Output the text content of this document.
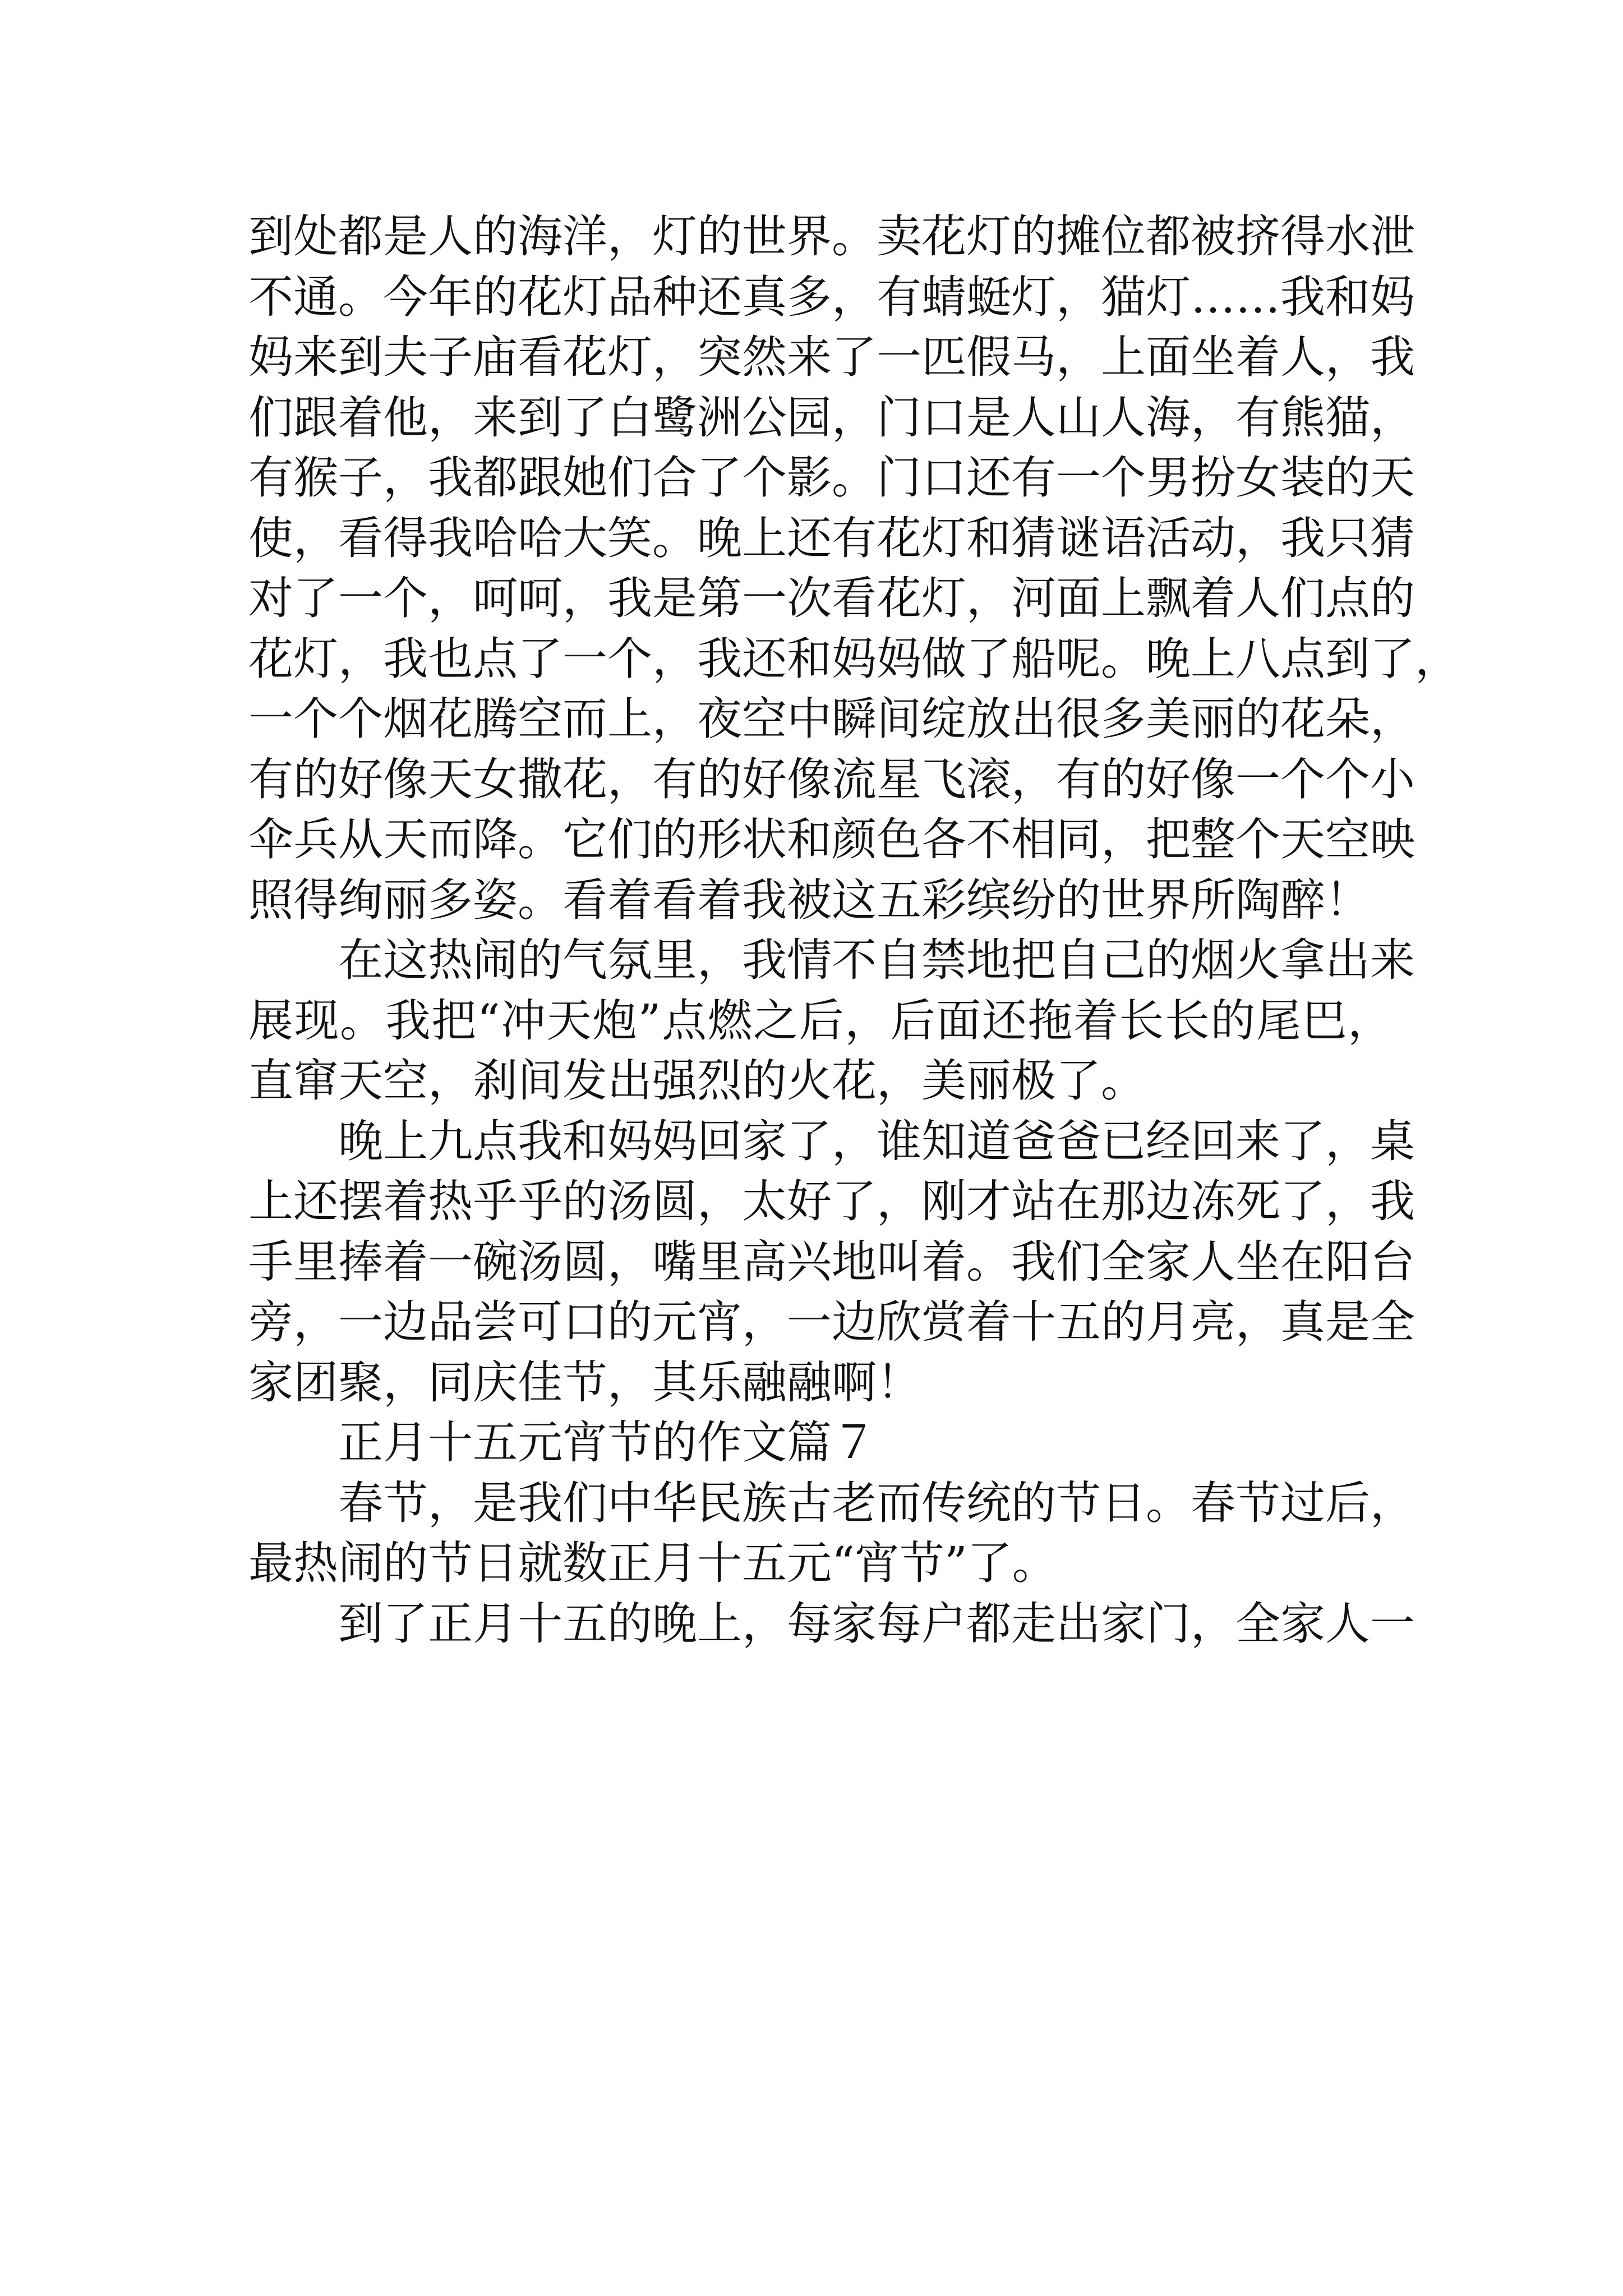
到处都是人的海洋，灯的世界。卖花灯的摊位都被挤得水泄
不通。今年的花灯品种还真多，有蜻蜓灯，猫灯……我和妈
妈来到夫子庙看花灯，突然来了一匹假马，上面坐着人，我
们跟着他，来到了白鹭洲公园，门口是人山人海，有熊猫，
有猴子，我都跟她们合了个影。门口还有一个男扮女装的天
使，看得我哈哈大笑。晚上还有花灯和猜谜语活动，我只猜
对了一个，呵呵，我是第一次看花灯，河面上飘着人们点的
花灯，我也点了一个，我还和妈妈做了船呢。晚上八点到了，
一个个烟花腾空而上，夜空中瞬间绽放出很多美丽的花朵，
有的好像天女撒花，有的好像流星飞滚，有的好像一个个小
伞兵从天而降。它们的形状和颜色各不相同，把整个天空映
照得绚丽多姿。看着看着我被这五彩缤纷的世界所陶醉！
在这热闹的气氛里，我情不自禁地把自己的烟火拿出来
展现。我把“冲天炮”点燃之后，后面还拖着长长的尾巴，
直窜天空，刹间发出强烈的火花，美丽极了。
晚上九点我和妈妈回家了，谁知道爸爸已经回来了，桌
上还摆着热乎乎的汤圆，太好了，刚才站在那边冻死了，我
手里捧着一碗汤圆，嘴里高兴地叫着。我们全家人坐在阳台
旁，一边品尝可口的元宵，一边欣赏着十五的月亮，真是全
家团聚，同庆佳节，其乐融融啊！
正月十五元宵节的作文篇７
春节，是我们中华民族古老而传统的节日。春节过后，
最热闹的节日就数正月十五元“宵节”了。
到了正月十五的晚上，每家每户都走出家门，全家人一
